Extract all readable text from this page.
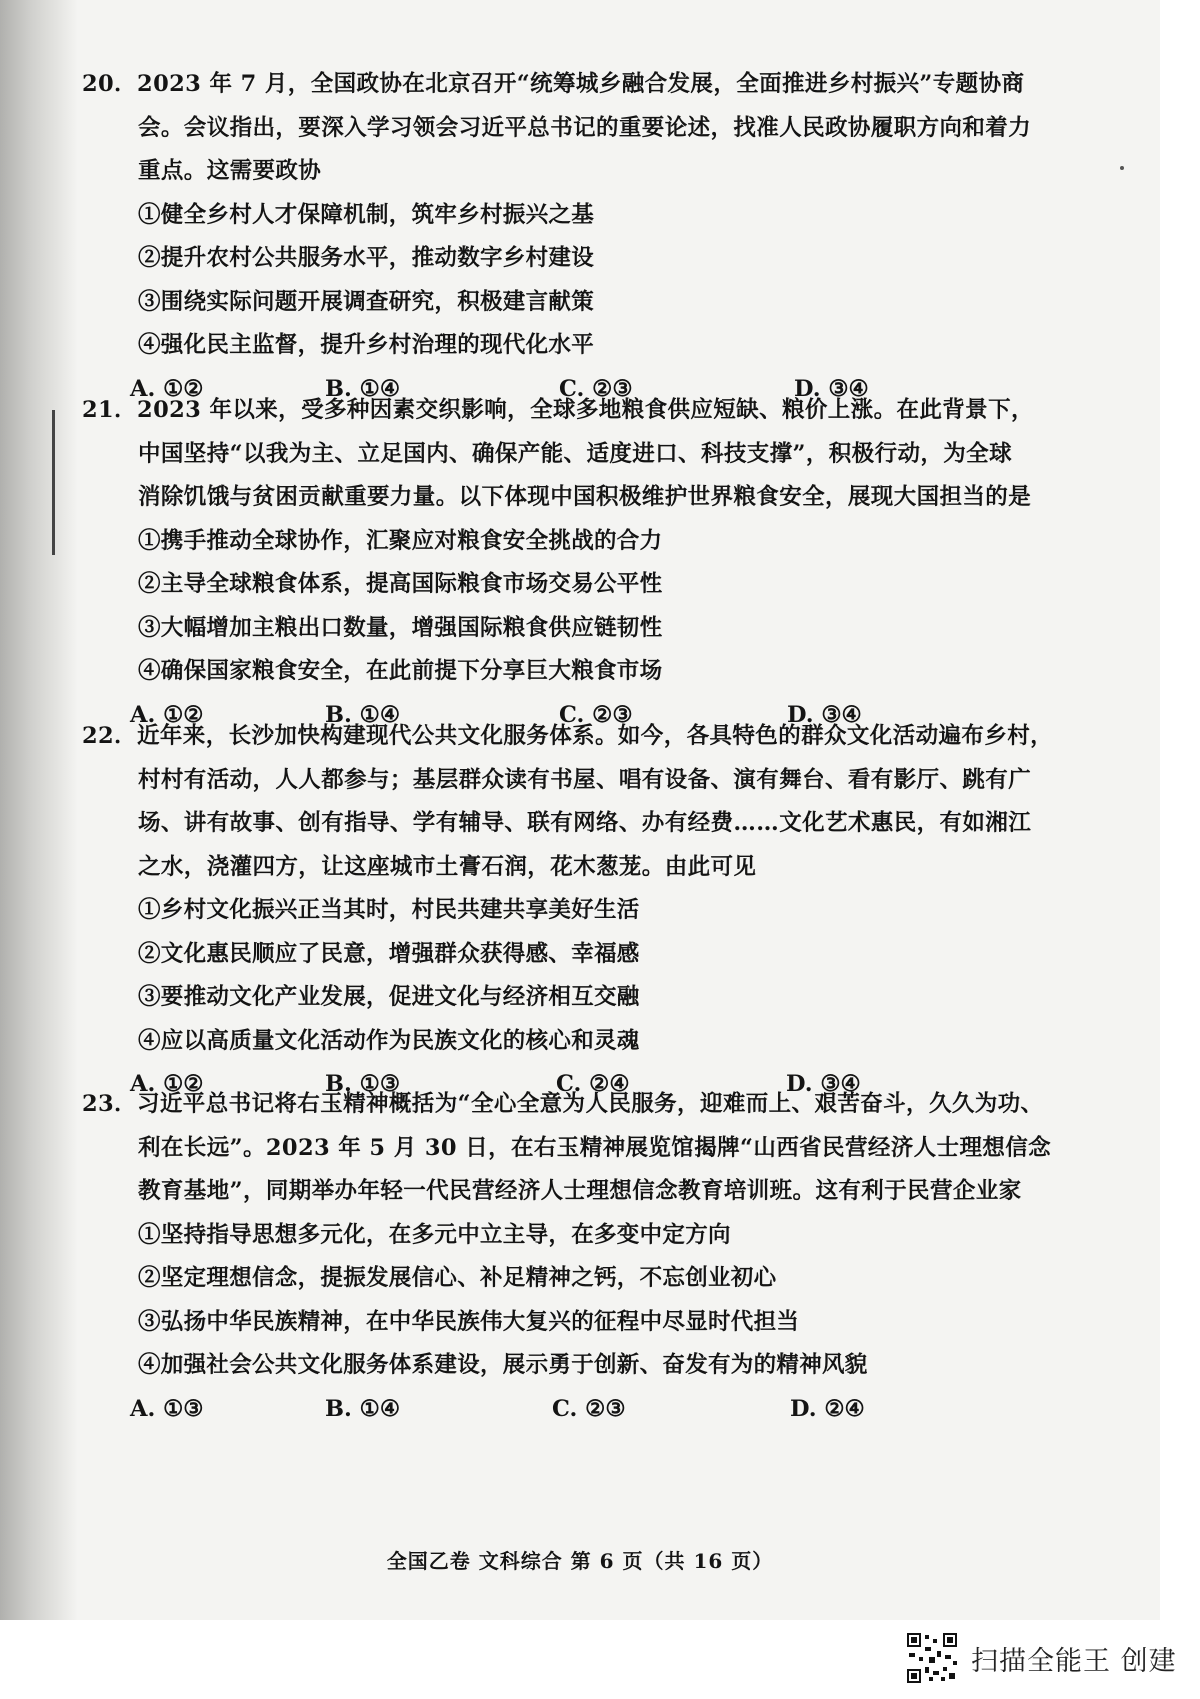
20．2023 年 7 月，全国政协在北京召开“统筹城乡融合发展，全面推进乡村振兴”专题协商

会。会议指出，要深入学习领会习近平总书记的重要论述，找准人民政协履职方向和着力

重点。这需要政协

①健全乡村人才保障机制，筑牢乡村振兴之基
②提升农村公共服务水平，推动数字乡村建设
③围绕实际问题开展调查研究，积极建言献策
④强化民主监督，提升乡村治理的现代化水平
A. ①②	B. ①④	C. ②③	D. ③④

21．2023 年以来，受多种因素交织影响，全球多地粮食供应短缺、粮价上涨。在此背景下，

中国坚持“以我为主、立足国内、确保产能、适度进口、科技支撑”，积极行动，为全球

消除饥饿与贫困贡献重要力量。以下体现中国积极维护世界粮食安全，展现大国担当的是

①携手推动全球协作，汇聚应对粮食安全挑战的合力
②主导全球粮食体系，提高国际粮食市场交易公平性
③大幅增加主粮出口数量，增强国际粮食供应链韧性
④确保国家粮食安全，在此前提下分享巨大粮食市场
A. ①②	B. ①④	C. ②③	D. ③④

22．近年来，长沙加快构建现代公共文化服务体系。如今，各具特色的群众文化活动遍布乡村，

村村有活动，人人都参与；基层群众读有书屋、唱有设备、演有舞台、看有影厅、跳有广

场、讲有故事、创有指导、学有辅导、联有网络、办有经费……文化艺术惠民，有如湘江

之水，浇灌四方，让这座城市土膏石润，花木葱茏。由此可见

①乡村文化振兴正当其时，村民共建共享美好生活
②文化惠民顺应了民意，增强群众获得感、幸福感
③要推动文化产业发展，促进文化与经济相互交融
④应以高质量文化活动作为民族文化的核心和灵魂
A. ①②	B. ①③	C. ②④	D. ③④

23．习近平总书记将右玉精神概括为“全心全意为人民服务，迎难而上、艰苦奋斗，久久为功、

利在长远”。2023 年 5 月 30 日，在右玉精神展览馆揭牌“山西省民营经济人士理想信念

教育基地”，同期举办年轻一代民营经济人士理想信念教育培训班。这有利于民营企业家

①坚持指导思想多元化，在多元中立主导，在多变中定方向
②坚定理想信念，提振发展信心、补足精神之钙，不忘创业初心
③弘扬中华民族精神，在中华民族伟大复兴的征程中尽显时代担当
④加强社会公共文化服务体系建设，展示勇于创新、奋发有为的精神风貌
A. ①③	B. ①④	C. ②③	D. ②④
全国乙卷 文科综合 第 6 页（共 16 页）
扫描全能王 创建
